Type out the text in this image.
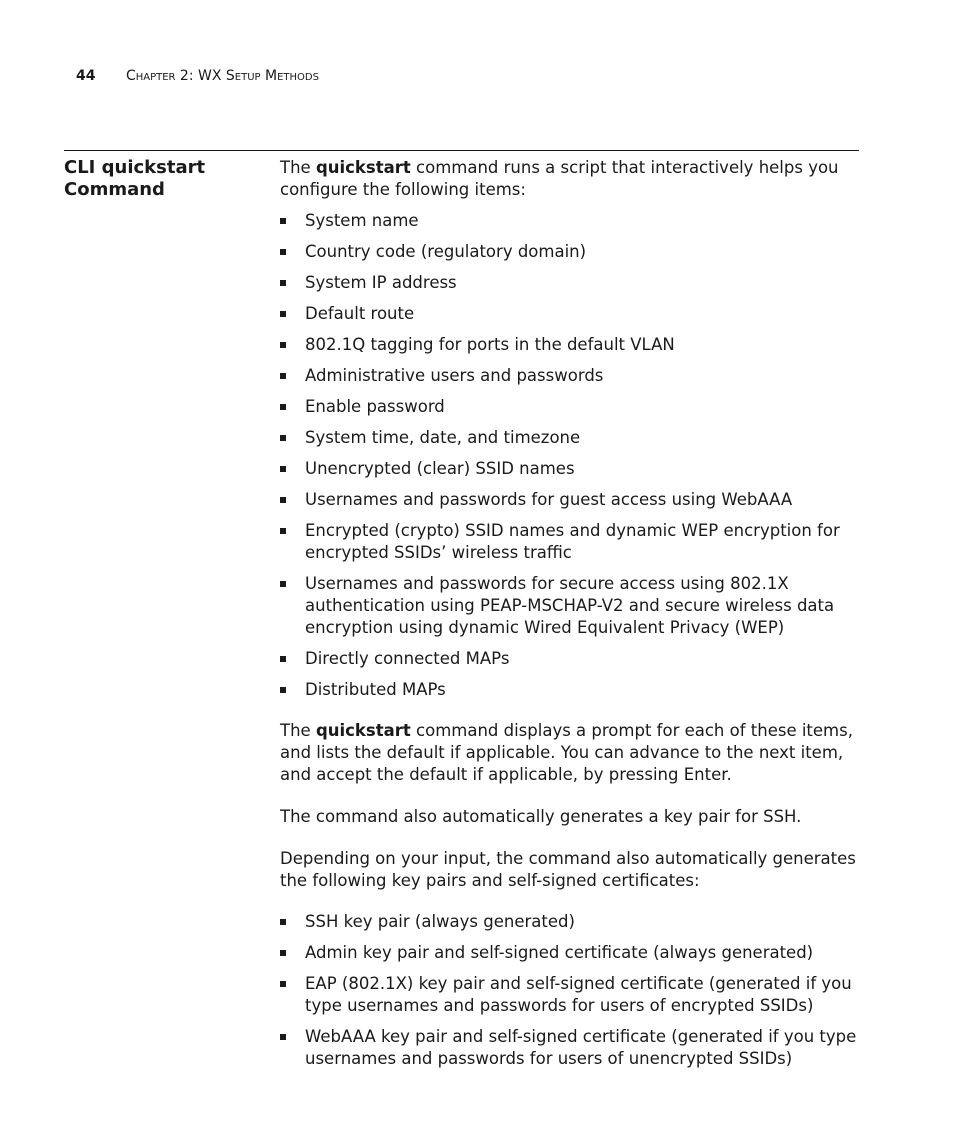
44 Chapter 2: WX Setup Methods
CLI quickstart
Command

The quickstart command runs a script that interactively helps you configure the following items:

System name
Country code (regulatory domain)
System IP address
Default route
802.1Q tagging for ports in the default VLAN
Administrative users and passwords
Enable password
System time, date, and timezone
Unencrypted (clear) SSID names
Usernames and passwords for guest access using WebAAA
Encrypted (crypto) SSID names and dynamic WEP encryption for encrypted SSIDs’ wireless traffic
Usernames and passwords for secure access using 802.1X authentication using PEAP-MSCHAP-V2 and secure wireless data encryption using dynamic Wired Equivalent Privacy (WEP)
Directly connected MAPs
Distributed MAPs

The quickstart command displays a prompt for each of these items, and lists the default if applicable. You can advance to the next item, and accept the default if applicable, by pressing Enter.

The command also automatically generates a key pair for SSH.

Depending on your input, the command also automatically generates the following key pairs and self-signed certificates:

SSH key pair (always generated)
Admin key pair and self-signed certificate (always generated)
EAP (802.1X) key pair and self-signed certificate (generated if you type usernames and passwords for users of encrypted SSIDs)
WebAAA key pair and self-signed certificate (generated if you type usernames and passwords for users of unencrypted SSIDs)
